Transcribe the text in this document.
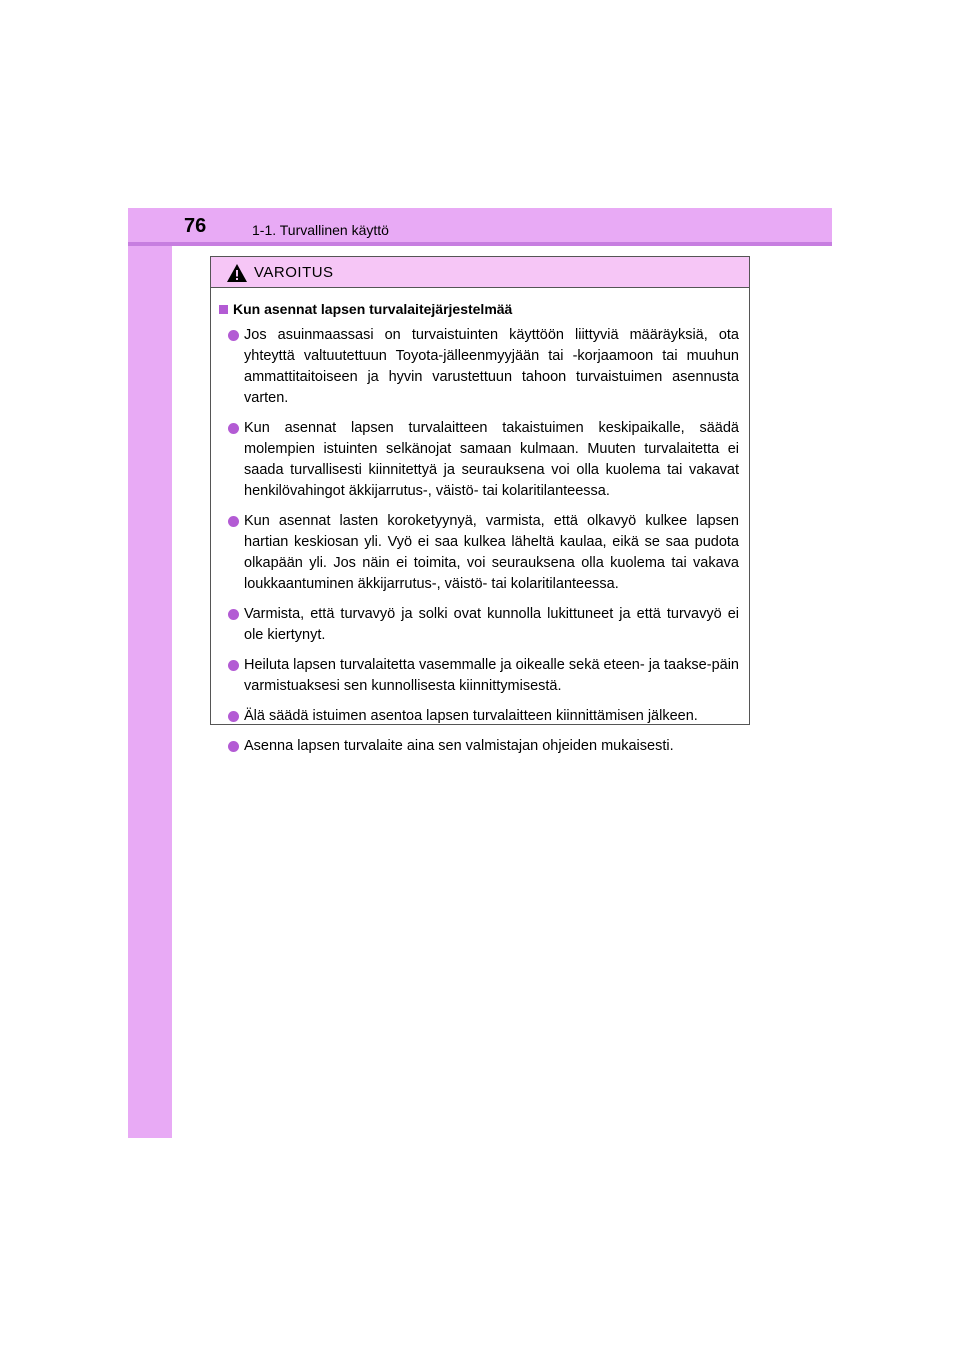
76	1-1. Turvallinen käyttö
VAROITUS
Kun asennat lapsen turvalaitejärjestelmää
Jos asuinmaassasi on turvaistuinten käyttöön liittyviä määräyksiä, ota yhteyttä valtuutettuun Toyota-jälleenmyyjään tai -korjaamoon tai muuhun ammattitaitoiseen ja hyvin varustettuun tahoon turvaistuimen asennusta varten.
Kun asennat lapsen turvalaitteen takaistuimen keskipaikalle, säädä molempien istuinten selkänojat samaan kulmaan. Muuten turvalaitetta ei saada turvallisesti kiinnitettyä ja seurauksena voi olla kuolema tai vakavat henkilövahingot äkkijarrutus-, väistö- tai kolaritilanteessa.
Kun asennat lasten koroketyynyä, varmista, että olkavyö kulkee lapsen hartian keskiosan yli. Vyö ei saa kulkea läheltä kaulaa, eikä se saa pudota olkapään yli. Jos näin ei toimita, voi seurauksena olla kuolema tai vakava loukkaantuminen äkkijarrutus-, väistö- tai kolaritilanteessa.
Varmista, että turvavyö ja solki ovat kunnolla lukittuneet ja että turvavyö ei ole kiertynyt.
Heiluta lapsen turvalaitetta vasemmalle ja oikealle sekä eteen- ja taakse-päin varmistuaksesi sen kunnollisesta kiinnittymisestä.
Älä säädä istuimen asentoa lapsen turvalaitteen kiinnittämisen jälkeen.
Asenna lapsen turvalaite aina sen valmistajan ohjeiden mukaisesti.
